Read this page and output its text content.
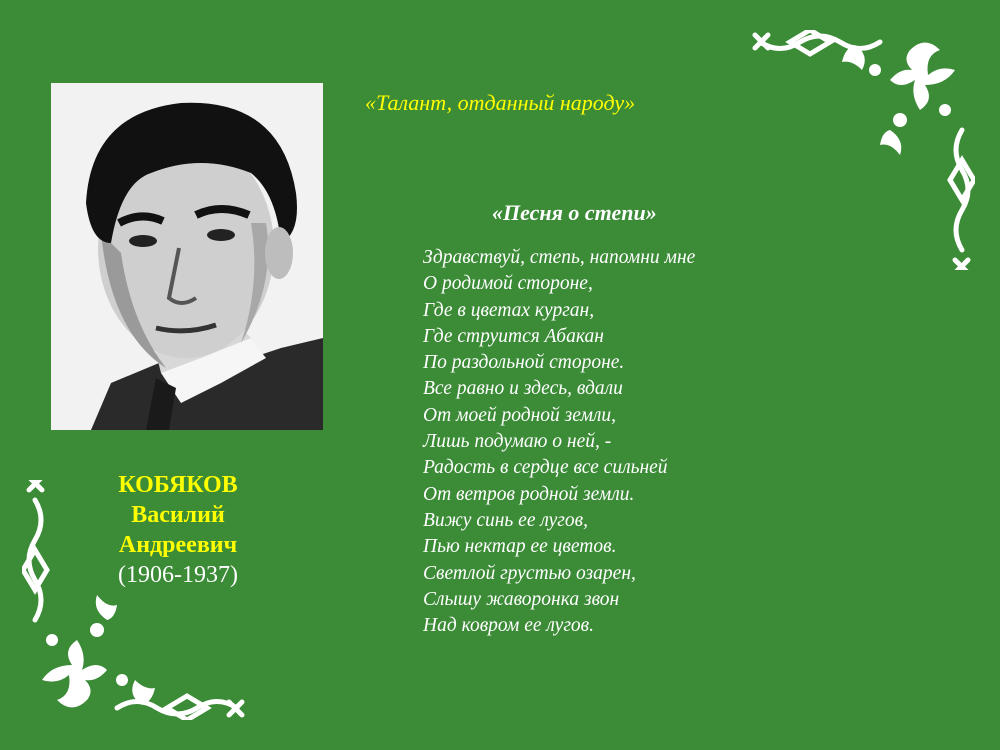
КОБЯКОВ
Василий
Андреевич
(1906-1937)
«Талант, отданный народу»
«Песня о степи»
Здравствуй, степь, напомни мне
О родимой стороне,
Где в цветах курган,
Где струится Абакан
По раздольной стороне.
Все равно и здесь, вдали
От моей родной земли,
Лишь подумаю о ней, -
Радость в сердце все сильней
От ветров родной земли.
Вижу синь ее лугов,
Пью нектар ее цветов.
Светлой грустью озарен,
Слышу жаворонка звон
Над ковром ее лугов.
